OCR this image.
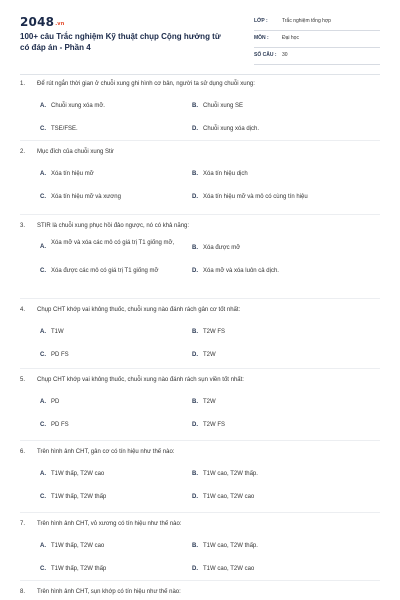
2048.vn
100+ câu Trắc nghiệm Kỹ thuật chụp Cộng hưởng từ có đáp án - Phần 4
LỚP :	Trắc nghiệm tổng hợp
MÔN :	Đại học
SỐ CÂU : 30
1. Để rút ngắn thời gian ở chuỗi xung ghi hình cơ bản, người ta sử dụng chuỗi xung:
A. Chuỗi xung xóa mỡ.	B. Chuỗi xung SE
C. TSE/FSE.	D. Chuỗi xung xóa dịch.
2. Mục đích của chuỗi xung Stir
A. Xóa tín hiệu mỡ	B. Xóa tín hiệu dịch
C. Xóa tín hiệu mỡ và xương	D. Xóa tín hiệu mỡ và mô có cùng tín hiệu
3. STIR là chuỗi xung phục hồi đảo ngược, nó có khả năng:
A.
Xóa mỡ và xóa các mô có giá trị T1 giống mỡ,
B. Xóa được mỡ
C. Xóa được các mô có giá trị T1 giống mỡ	D. Xóa mỡ và xóa luôn cả dịch.
4. Chụp CHT khớp vai không thuốc, chuỗi xung nào đánh rách gân cơ tốt nhất:
A. T1W	B. T2W FS
C. PD FS	D. T2W
5. Chụp CHT khớp vai không thuốc, chuỗi xung nào đánh rách sụn viền tốt nhất:
A. PD	B. T2W
C. PD FS	D. T2W FS
6. Trên hình ảnh CHT, gân cơ có tín hiệu như thế nào:
A. T1W thấp, T2W cao	B. T1W cao, T2W thấp.
C. T1W thấp, T2W thấp	D. T1W cao, T2W cao
7. Trên hình ảnh CHT, vỏ xương có tín hiệu như thế nào:
A. T1W thấp, T2W cao	B. T1W cao, T2W thấp.
C. T1W thấp, T2W thấp	D. T1W cao, T2W cao
8. Trên hình ảnh CHT, sụn khớp có tín hiệu như thế nào:
